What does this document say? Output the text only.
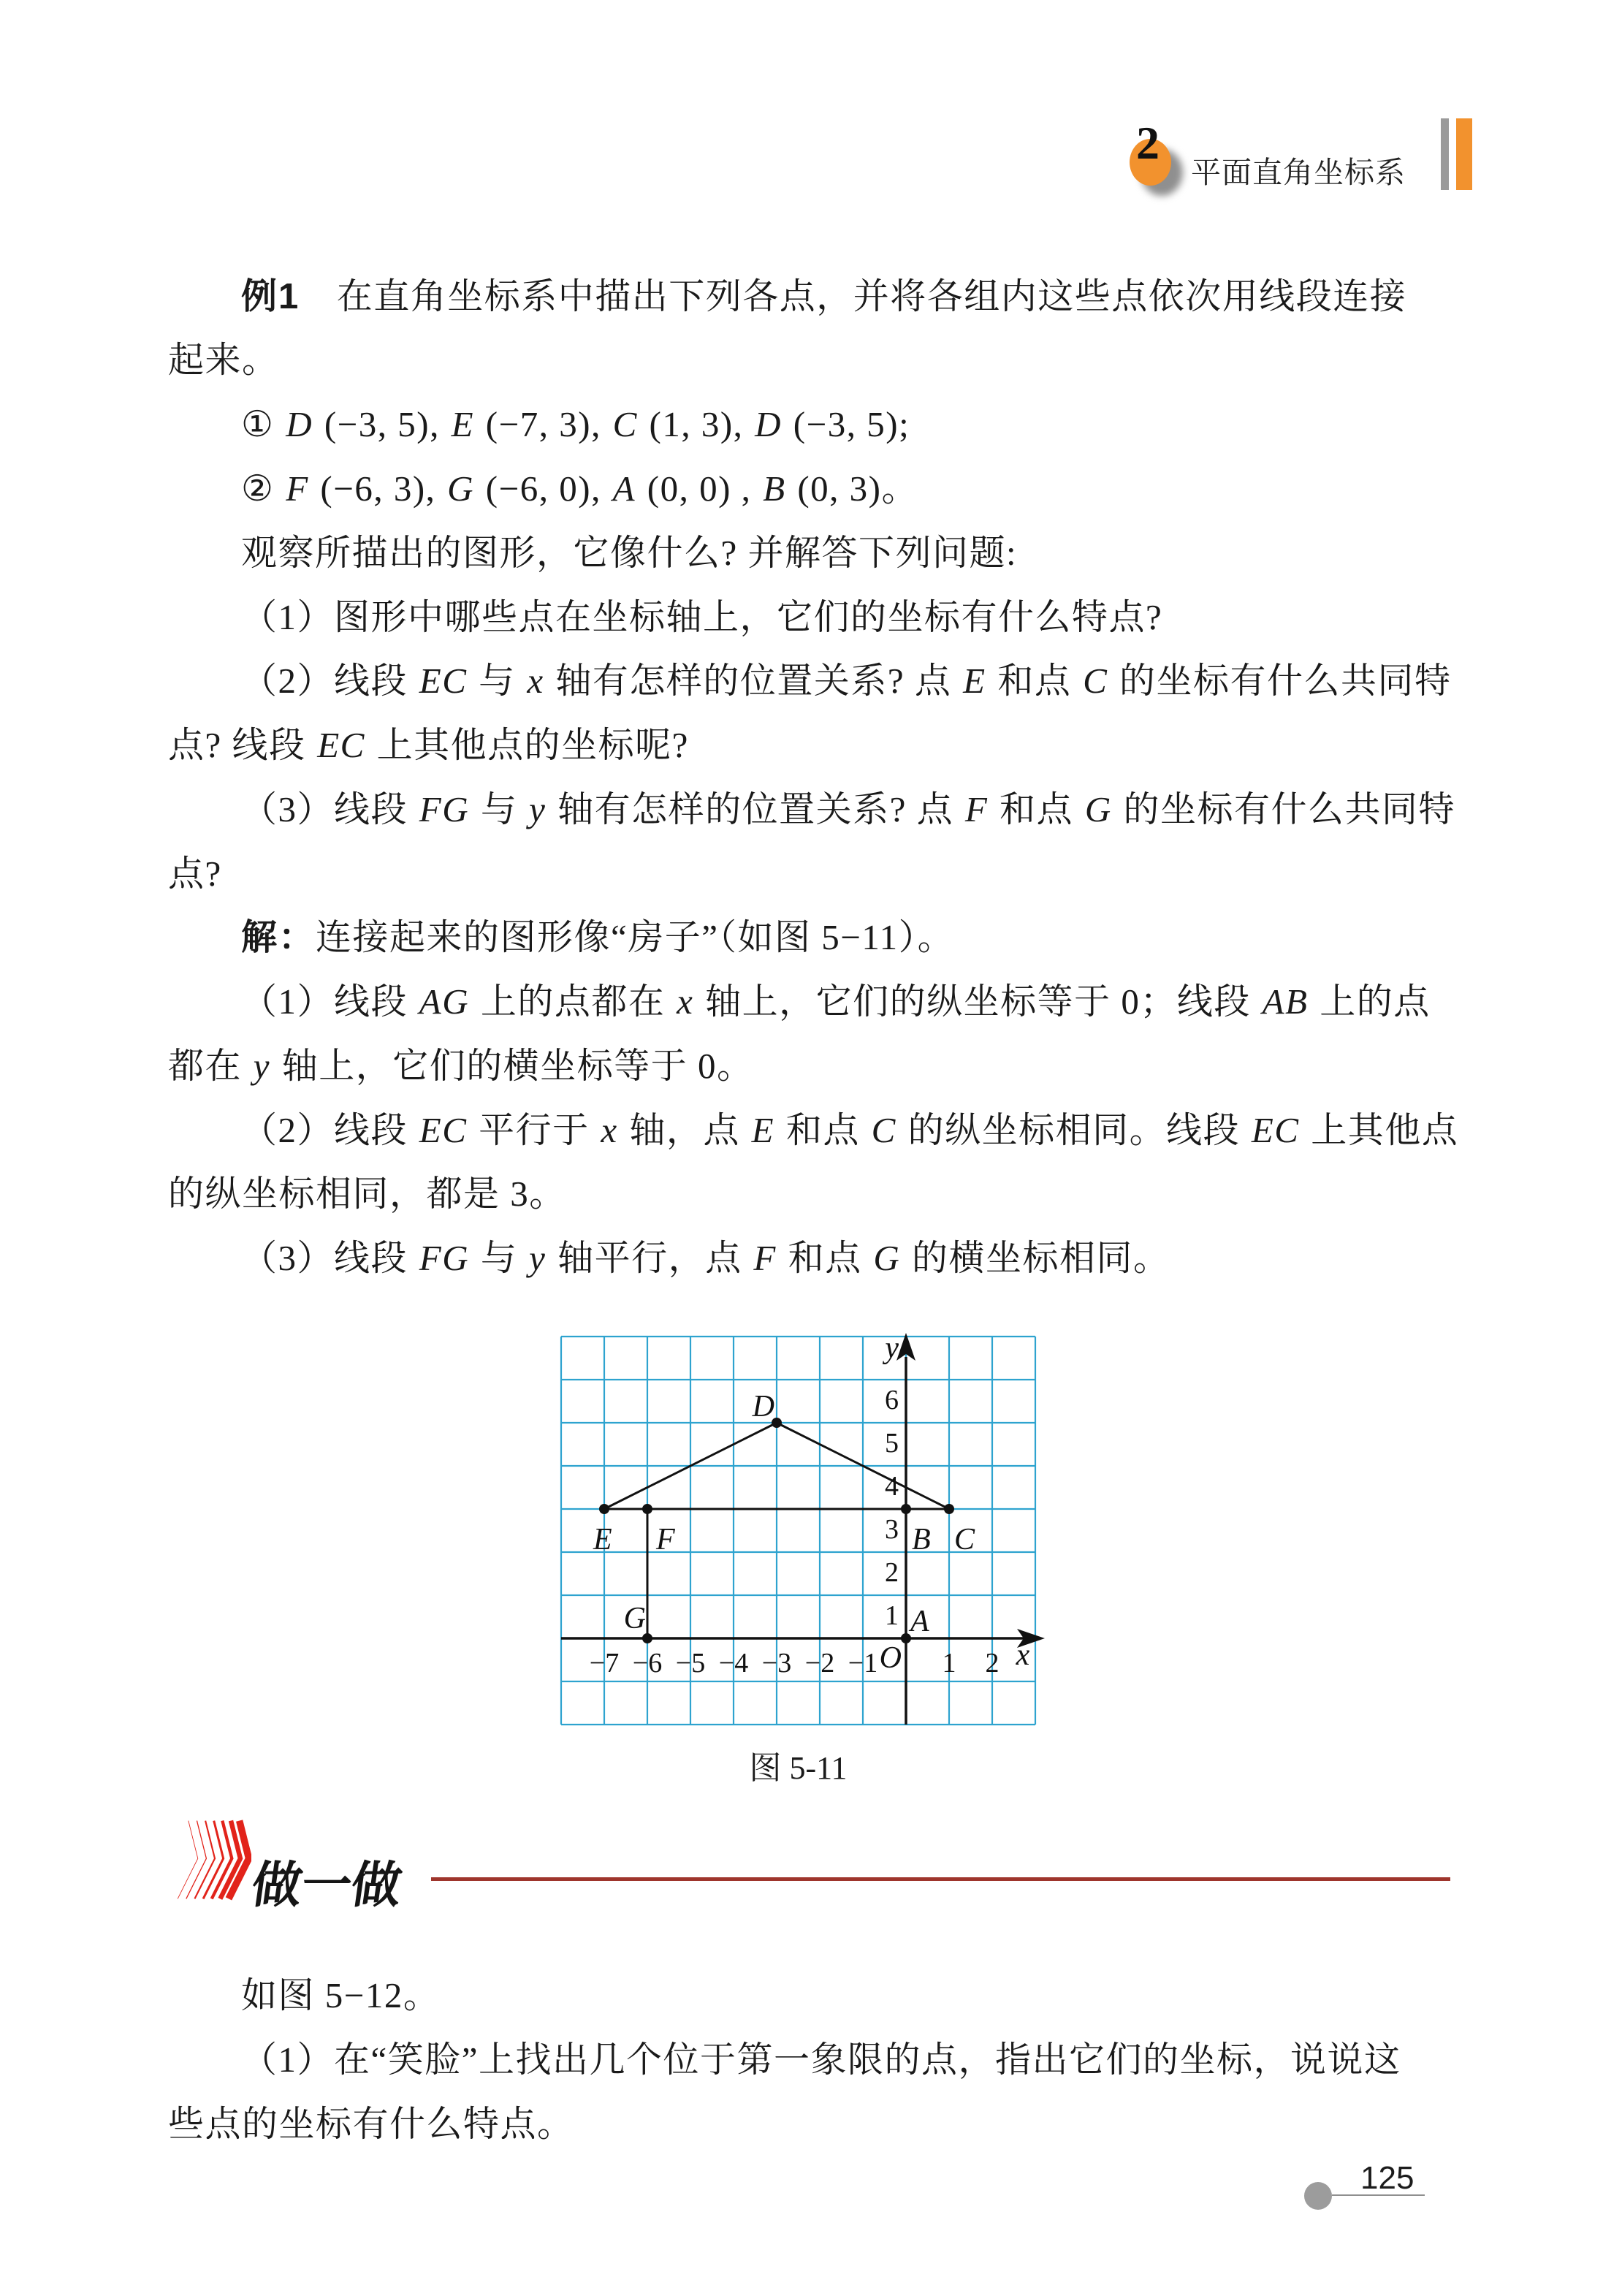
2
平面直角坐标系
例1　在直角坐标系中描出下列各点，并将各组内这些点依次用线段连接
起来。
① D (−3, 5), E (−7, 3), C (1, 3), D (−3, 5);
② F (−6, 3), G (−6, 0), A (0, 0) , B (0, 3)。
观察所描出的图形，它像什么? 并解答下列问题:
（1）图形中哪些点在坐标轴上，它们的坐标有什么特点?
（2）线段 EC 与 x 轴有怎样的位置关系? 点 E 和点 C 的坐标有什么共同特
点? 线段 EC 上其他点的坐标呢?
（3）线段 FG 与 y 轴有怎样的位置关系? 点 F 和点 G 的坐标有什么共同特
点?
解：连接起来的图形像“房子”（如图 5−11）。
（1）线段 AG 上的点都在 x 轴上，它们的纵坐标等于 0；线段 AB 上的点
都在 y 轴上，它们的横坐标等于 0。
（2）线段 EC 平行于 x 轴，点 E 和点 C 的纵坐标相同。线段 EC 上其他点
的纵坐标相同，都是 3。
（3）线段 FG 与 y 轴平行，点 F 和点 G 的横坐标相同。
如图 5−12。
（1）在“笑脸”上找出几个位于第一象限的点，指出它们的坐标，说说这
些点的坐标有什么特点。
D
E F	B C
G	A
−7 −6 −5 −4 −3 −2 −1 1 2
1
2
3
4
5
6
O	x
y
图 5-11
做一做
125
